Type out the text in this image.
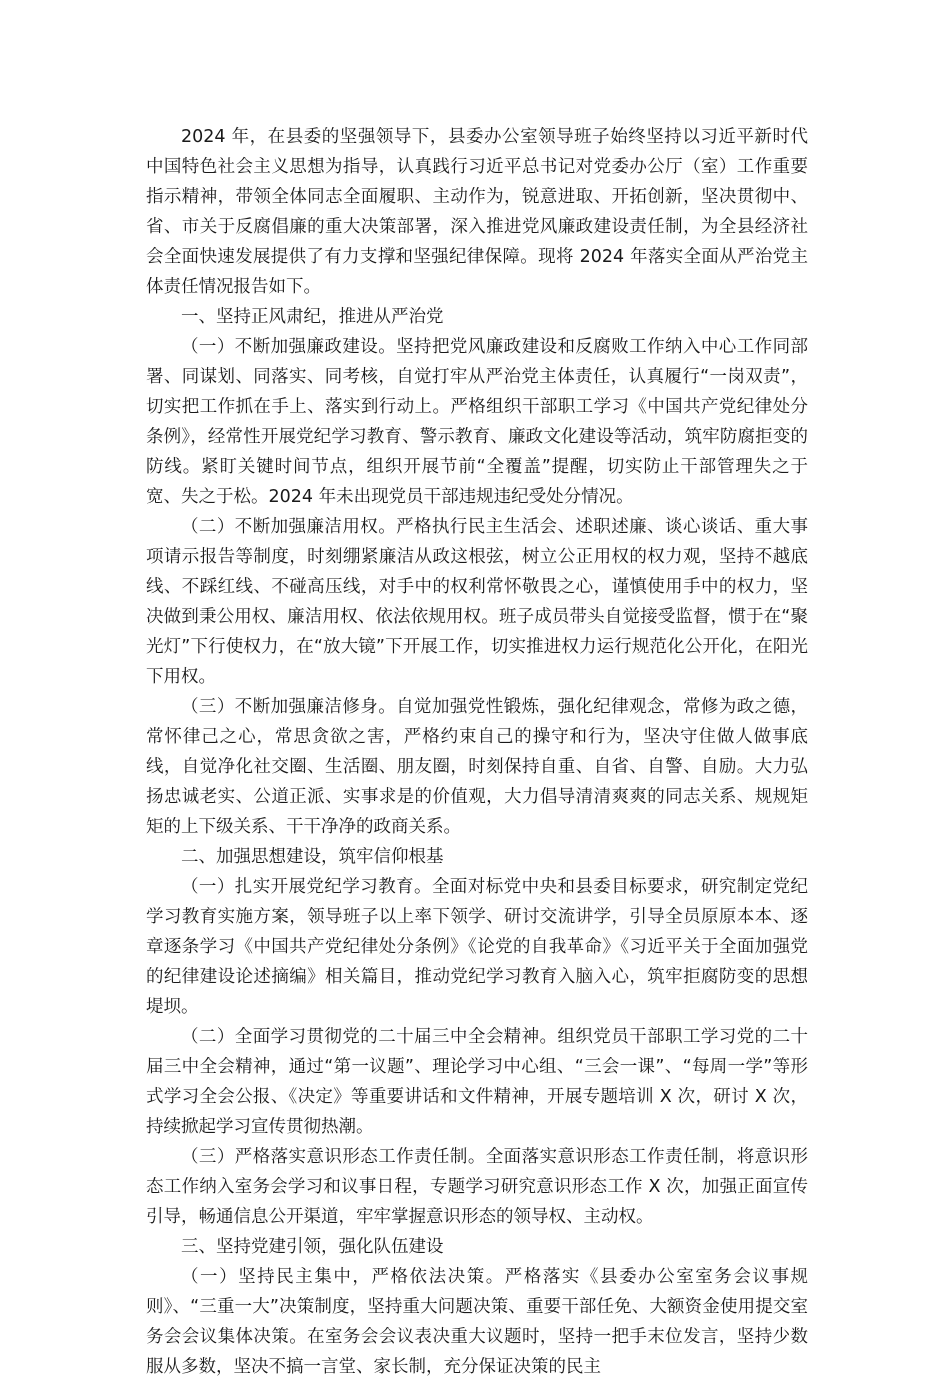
2024 年，在县委的坚强领导下，县委办公室领导班子始终坚持以习近平新时代中国特色社会主义思想为指导，认真践行习近平总书记对党委办公厅（室）工作重要指示精神，带领全体同志全面履职、主动作为，锐意进取、开拓创新，坚决贯彻中、省、市关于反腐倡廉的重大决策部署，深入推进党风廉政建设责任制，为全县经济社会全面快速发展提供了有力支撑和坚强纪律保障。现将 2024 年落实全面从严治党主体责任情况报告如下。

一、坚持正风肃纪，推进从严治党

（一）不断加强廉政建设。坚持把党风廉政建设和反腐败工作纳入中心工作同部署、同谋划、同落实、同考核，自觉打牢从严治党主体责任，认真履行“一岗双责”，切实把工作抓在手上、落实到行动上。严格组织干部职工学习《中国共产党纪律处分条例》，经常性开展党纪学习教育、警示教育、廉政文化建设等活动，筑牢防腐拒变的防线。紧盯关键时间节点，组织开展节前“全覆盖”提醒，切实防止干部管理失之于宽、失之于松。2024 年未出现党员干部违规违纪受处分情况。

（二）不断加强廉洁用权。严格执行民主生活会、述职述廉、谈心谈话、重大事项请示报告等制度，时刻绷紧廉洁从政这根弦，树立公正用权的权力观，坚持不越底线、不踩红线、不碰高压线，对手中的权利常怀敬畏之心，谨慎使用手中的权力，坚决做到秉公用权、廉洁用权、依法依规用权。班子成员带头自觉接受监督，惯于在“聚光灯”下行使权力，在“放大镜”下开展工作，切实推进权力运行规范化公开化，在阳光下用权。

（三）不断加强廉洁修身。自觉加强党性锻炼，强化纪律观念，常修为政之德，常怀律己之心，常思贪欲之害，严格约束自己的操守和行为，坚决守住做人做事底线，自觉净化社交圈、生活圈、朋友圈，时刻保持自重、自省、自警、自励。大力弘扬忠诚老实、公道正派、实事求是的价值观，大力倡导清清爽爽的同志关系、规规矩矩的上下级关系、干干净净的政商关系。

二、加强思想建设，筑牢信仰根基

（一）扎实开展党纪学习教育。全面对标党中央和县委目标要求，研究制定党纪学习教育实施方案，领导班子以上率下领学、研讨交流讲学，引导全员原原本本、逐章逐条学习《中国共产党纪律处分条例》《论党的自我革命》《习近平关于全面加强党的纪律建设论述摘编》相关篇目，推动党纪学习教育入脑入心，筑牢拒腐防变的思想堤坝。

（二）全面学习贯彻党的二十届三中全会精神。组织党员干部职工学习党的二十届三中全会精神，通过“第一议题”、理论学习中心组、“三会一课”、“每周一学”等形式学习全会公报、《决定》等重要讲话和文件精神，开展专题培训 X 次，研讨 X 次，持续掀起学习宣传贯彻热潮。

（三）严格落实意识形态工作责任制。全面落实意识形态工作责任制，将意识形态工作纳入室务会学习和议事日程，专题学习研究意识形态工作 X 次，加强正面宣传引导，畅通信息公开渠道，牢牢掌握意识形态的领导权、主动权。

三、坚持党建引领，强化队伍建设

（一）坚持民主集中，严格依法决策。严格落实《县委办公室室务会议事规则》、“三重一大”决策制度，坚持重大问题决策、重要干部任免、大额资金使用提交室务会会议集体决策。在室务会会议表决重大议题时，坚持一把手末位发言，坚持少数服从多数，坚决不搞一言堂、家长制，充分保证决策的民主
